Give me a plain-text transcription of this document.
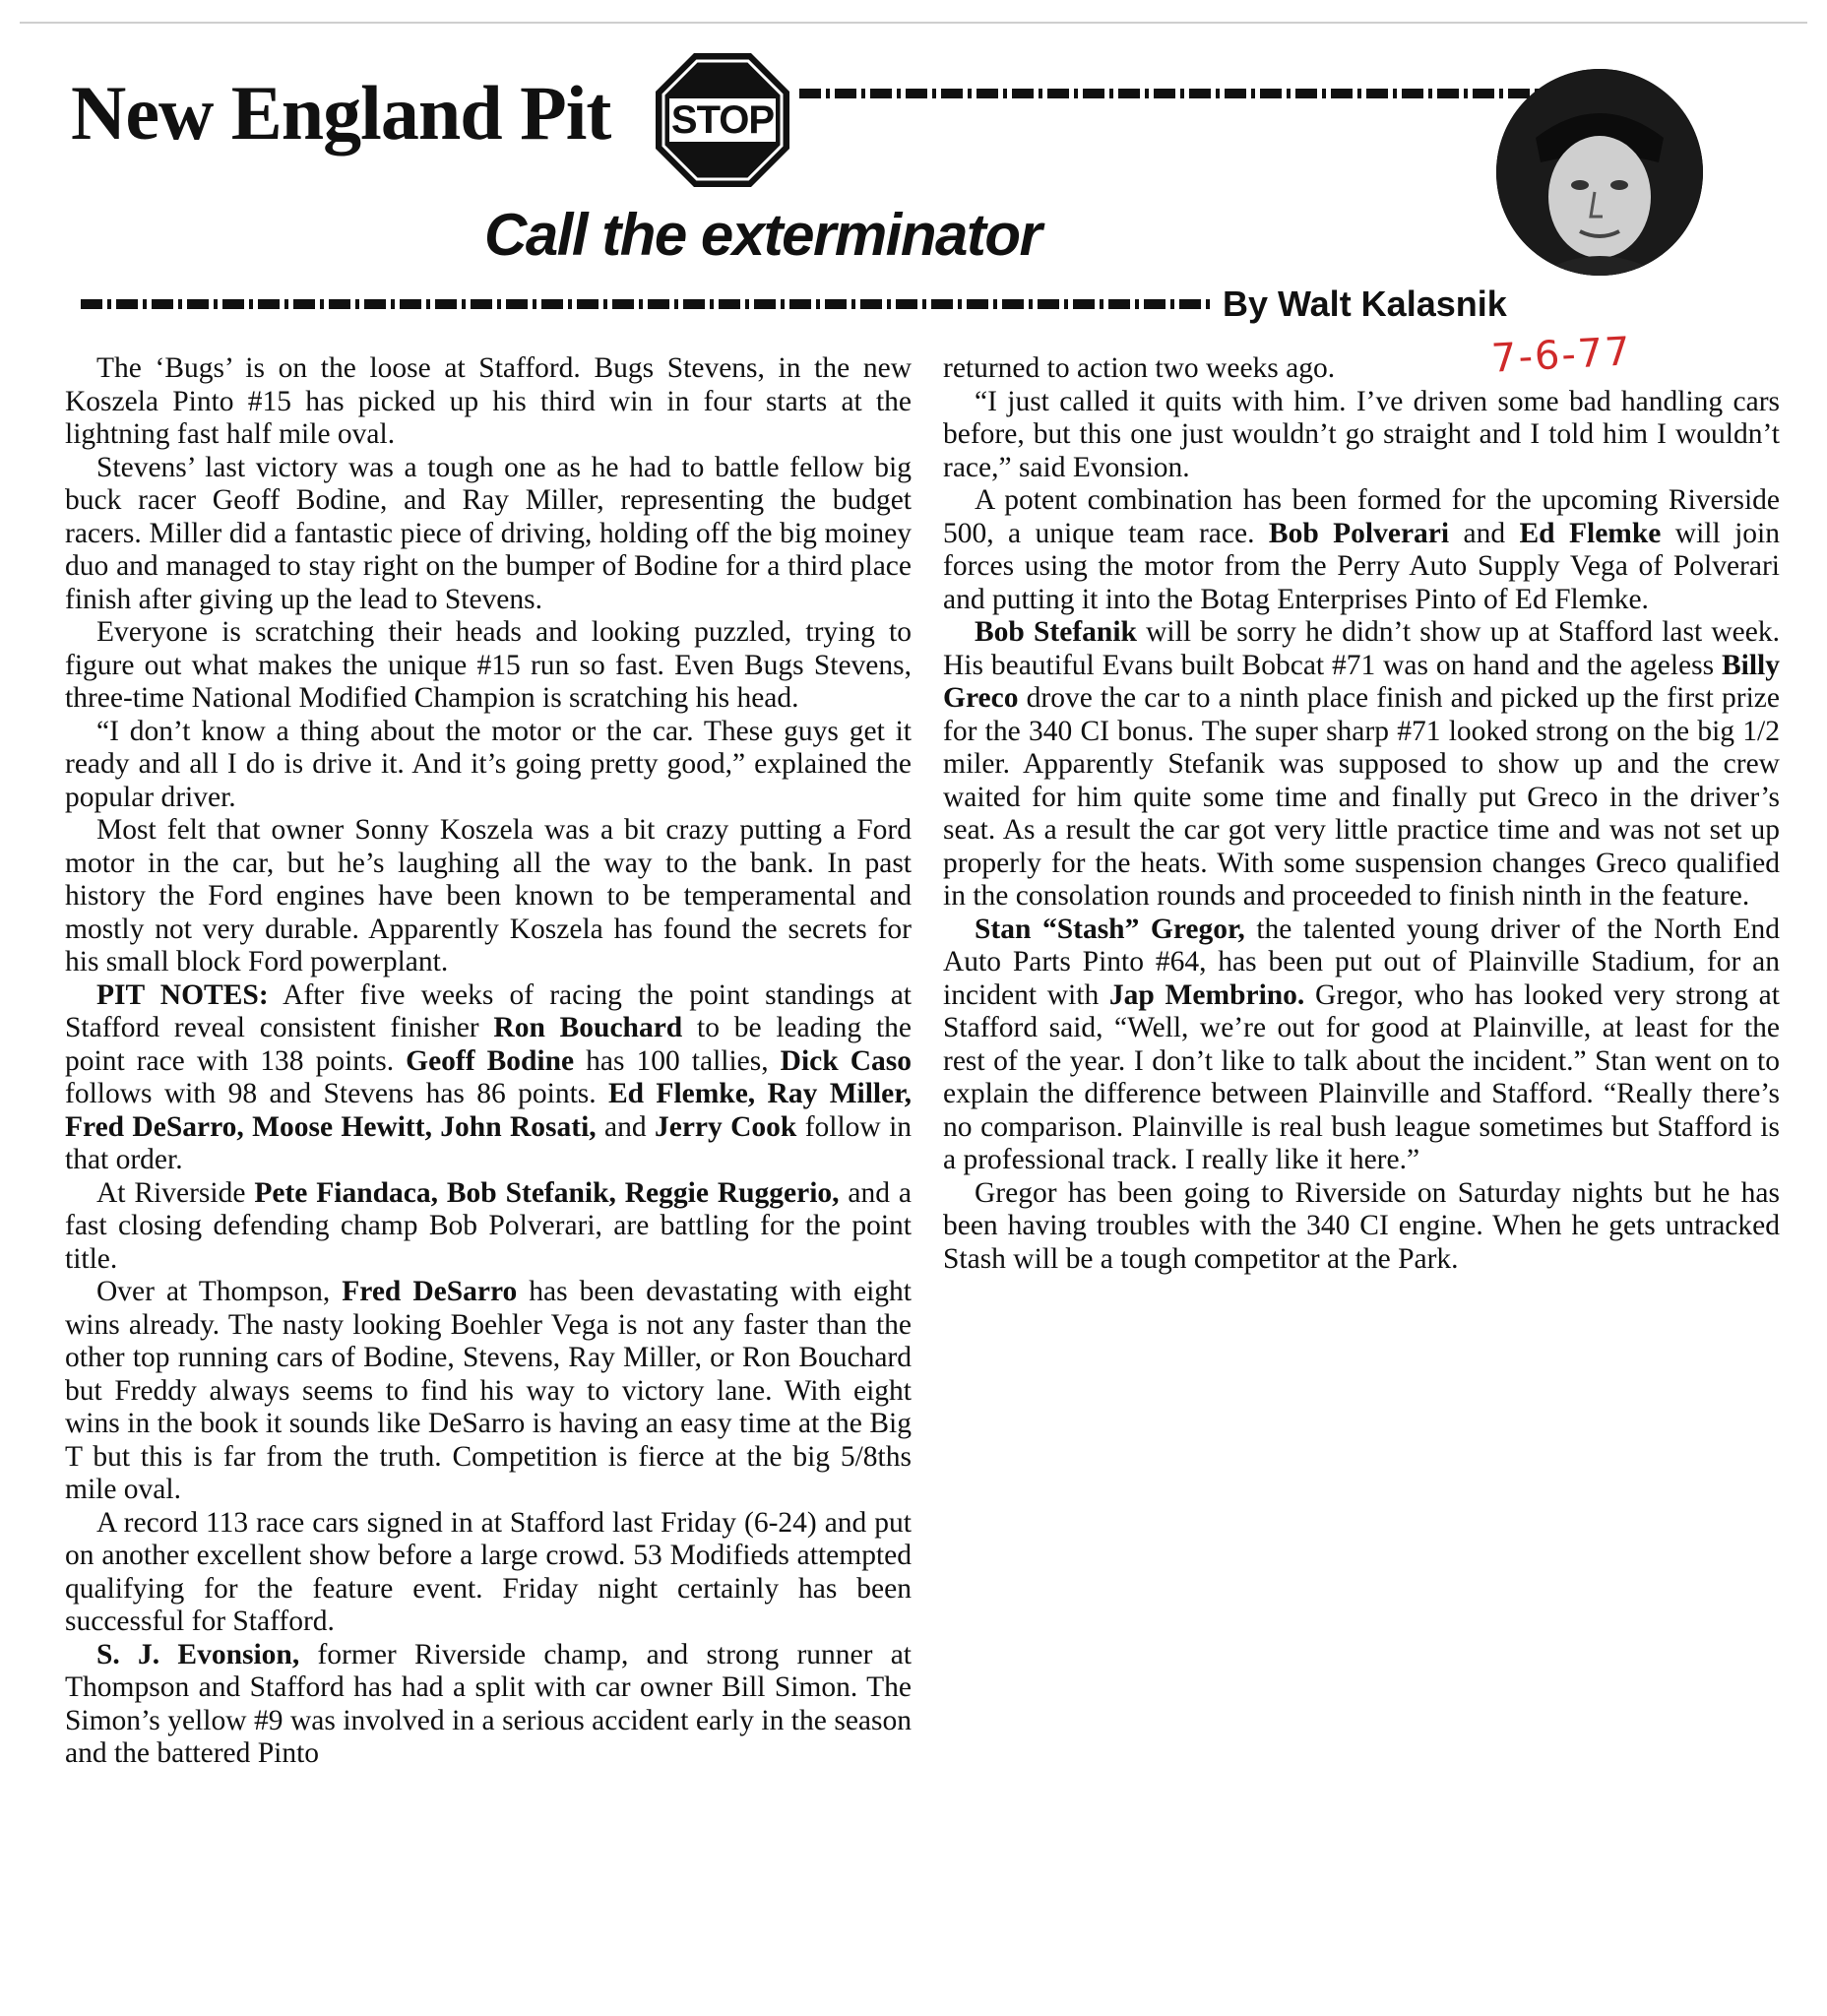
New England Pit	STOP
Call the exterminator
By Walt Kalasnik
7-6-77

The ‘Bugs’ is on the loose at Stafford. Bugs Stevens, in the new Koszela Pinto #15 has picked up his third win in four starts at the lightning fast half mile oval.

Stevens’ last victory was a tough one as he had to battle fellow big buck racer Geoff Bodine, and Ray Miller, representing the budget racers. Miller did a fantastic piece of driving, holding off the big moiney duo and managed to stay right on the bumper of Bodine for a third place finish after giving up the lead to Stevens.

Everyone is scratching their heads and looking puzzled, trying to figure out what makes the unique #15 run so fast. Even Bugs Stevens, three-time National Modified Champion is scratching his head.

“I don’t know a thing about the motor or the car. These guys get it ready and all I do is drive it. And it’s going pretty good,” explained the popular driver.

Most felt that owner Sonny Koszela was a bit crazy putting a Ford motor in the car, but he’s laughing all the way to the bank. In past history the Ford engines have been known to be temperamental and mostly not very durable. Apparently Koszela has found the secrets for his small block Ford powerplant.

PIT NOTES: After five weeks of racing the point standings at Stafford reveal consistent finisher Ron Bouchard to be leading the point race with 138 points. Geoff Bodine has 100 tallies, Dick Caso follows with 98 and Stevens has 86 points. Ed Flemke, Ray Miller, Fred DeSarro, Moose Hewitt, John Rosati, and Jerry Cook follow in that order.

At Riverside Pete Fiandaca, Bob Stefanik, Reggie Ruggerio, and a fast closing defending champ Bob Polverari, are battling for the point title.

Over at Thompson, Fred DeSarro has been devastating with eight wins already. The nasty looking Boehler Vega is not any faster than the other top running cars of Bodine, Stevens, Ray Miller, or Ron Bouchard but Freddy always seems to find his way to victory lane. With eight wins in the book it sounds like DeSarro is having an easy time at the Big T but this is far from the truth. Competition is fierce at the big 5/8ths mile oval.

A record 113 race cars signed in at Stafford last Friday (6-24) and put on another excellent show before a large crowd. 53 Modifieds attempted qualifying for the feature event. Friday night certainly has been successful for Stafford.

S. J. Evonsion, former Riverside champ, and strong runner at Thompson and Stafford has had a split with car owner Bill Simon. The Simon’s yellow #9 was involved in a serious accident early in the season and the battered Pinto

returned to action two weeks ago.

“I just called it quits with him. I’ve driven some bad handling cars before, but this one just wouldn’t go straight and I told him I wouldn’t race,” said Evonsion.

A potent combination has been formed for the upcoming Riverside 500, a unique team race. Bob Polverari and Ed Flemke will join forces using the motor from the Perry Auto Supply Vega of Polverari and putting it into the Botag Enterprises Pinto of Ed Flemke.

Bob Stefanik will be sorry he didn’t show up at Stafford last week. His beautiful Evans built Bobcat #71 was on hand and the ageless Billy Greco drove the car to a ninth place finish and picked up the first prize for the 340 CI bonus. The super sharp #71 looked strong on the big 1/2 miler. Apparently Stefanik was supposed to show up and the crew waited for him quite some time and finally put Greco in the driver’s seat. As a result the car got very little practice time and was not set up properly for the heats. With some suspension changes Greco qualified in the consolation rounds and proceeded to finish ninth in the feature.

Stan “Stash” Gregor, the talented young driver of the North End Auto Parts Pinto #64, has been put out of Plainville Stadium, for an incident with Jap Membrino. Gregor, who has looked very strong at Stafford said, “Well, we’re out for good at Plainville, at least for the rest of the year. I don’t like to talk about the incident.” Stan went on to explain the difference between Plainville and Stafford. “Really there’s no comparison. Plainville is real bush league sometimes but Stafford is a professional track. I really like it here.”

Gregor has been going to Riverside on Saturday nights but he has been having troubles with the 340 CI engine. When he gets untracked Stash will be a tough competitor at the Park.
